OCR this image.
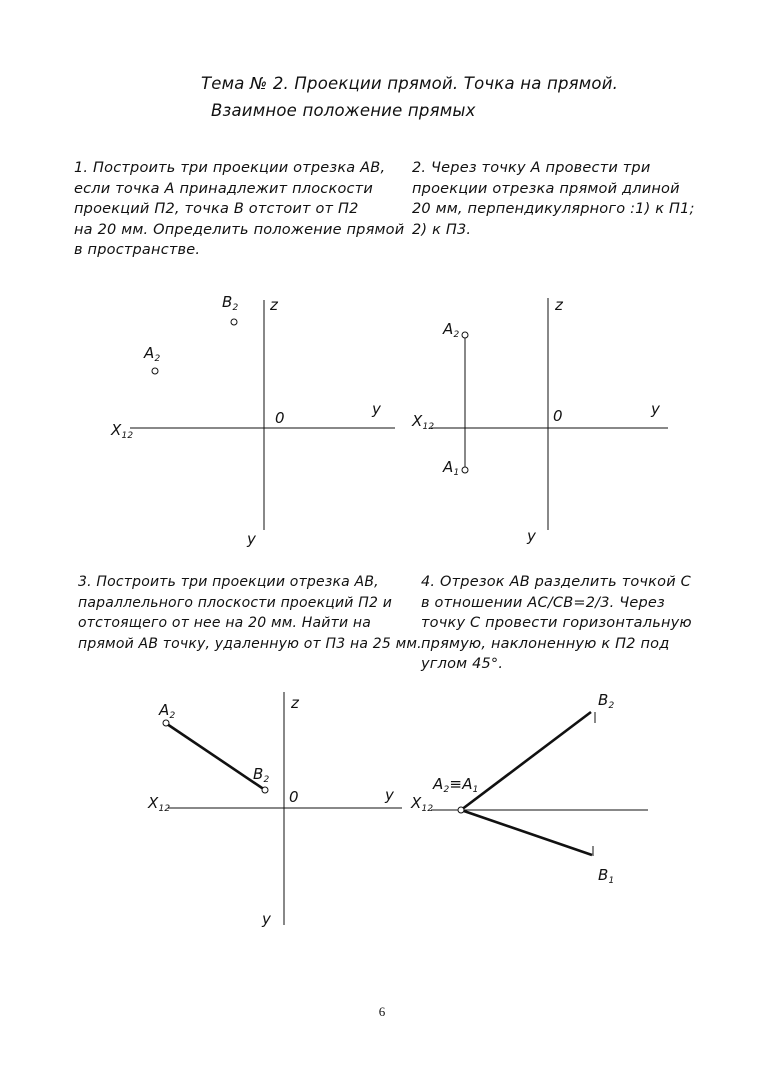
Тема № 2. Проекции прямой. Точка на прямой.
Взаимное положение прямых
1. Построить три проекции отрезка АВ,
если точка А принадлежит плоскости
проекций П2, точка В отстоит от П2
на 20 мм. Определить положение прямой
в пространстве.
2. Через точку А провести три
проекции отрезка прямой длиной
20 мм, перпендикулярного :1) к П1;
2) к П3.
3. Построить три проекции отрезка АВ,
параллельного плоскости проекций П2 и
отстоящего от нее на 20 мм. Найти на
прямой АВ точку, удаленную от П3 на 25 мм.
4. Отрезок АВ разделить точкой С
в отношении АС/СВ=2/3. Через
точку С провести горизонтальную
прямую, наклоненную к П2 под
углом 45°.
z
$B_2$
$A_2$
$X_{12}$
0	y
y
z
$A_2$
$X_{12}$
0	y
$A_1$
y
z
$A_2$
$B_2$
$X_{12}$
0	y
y
$B_2$
$A_2\equiv A_1$
$X_{12}$
$B_1$
6
